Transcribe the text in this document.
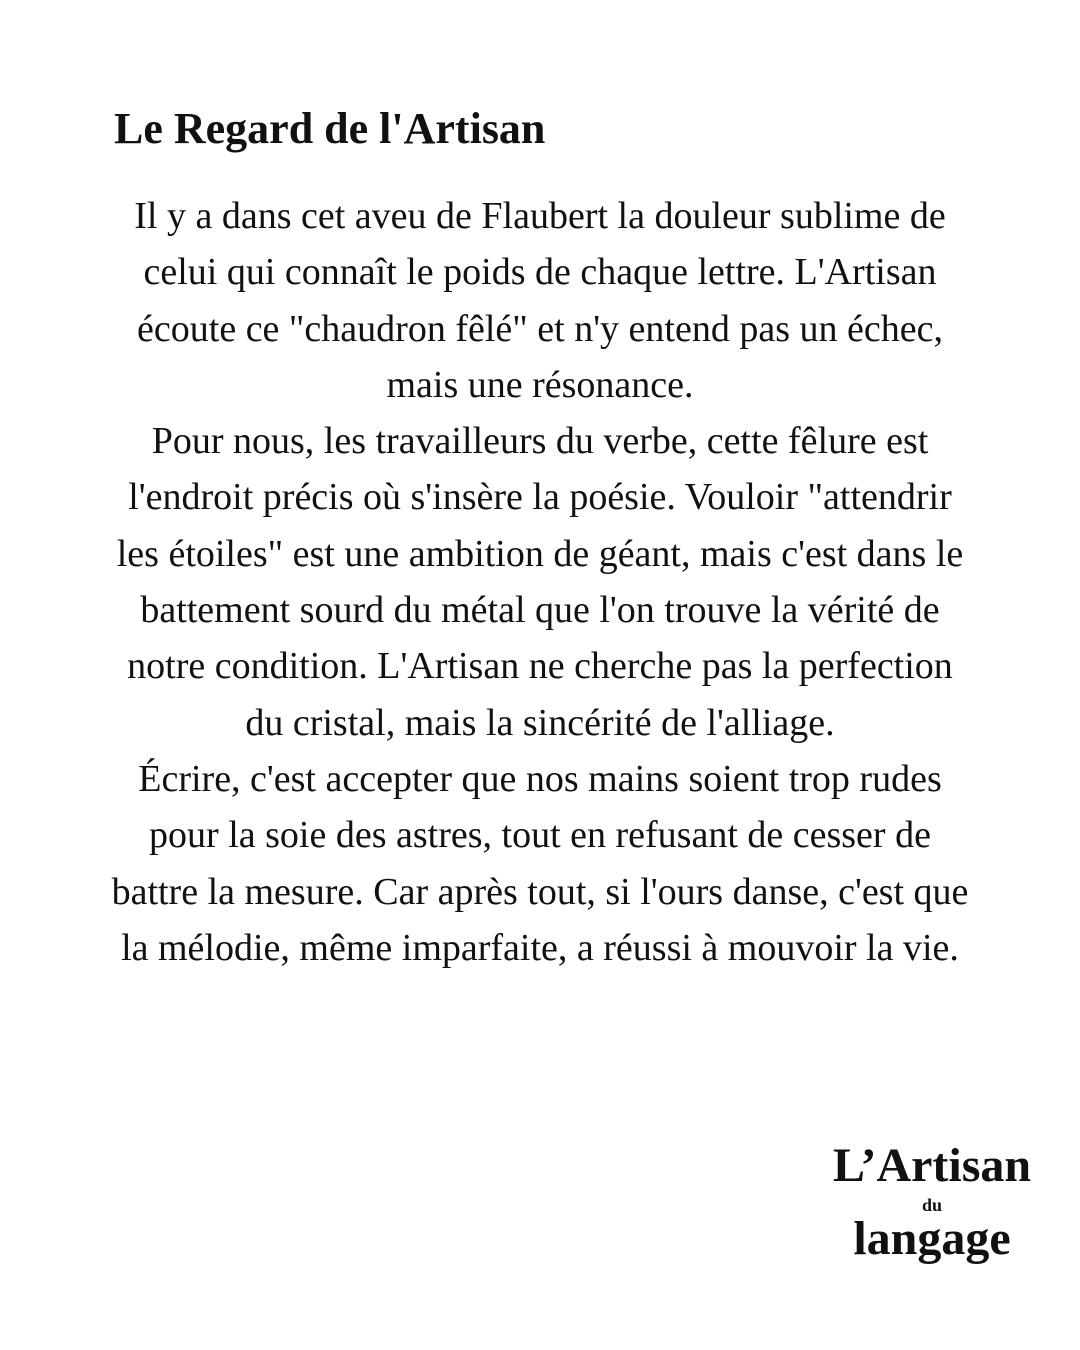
Le Regard de l'Artisan

Il y a dans cet aveu de Flaubert la douleur sublime de celui qui connaît le poids de chaque lettre. L'Artisan écoute ce "chaudron fêlé" et n'y entend pas un échec, mais une résonance.

Pour nous, les travailleurs du verbe, cette fêlure est l'endroit précis où s'insère la poésie. Vouloir "attendrir les étoiles" est une ambition de géant, mais c'est dans le battement sourd du métal que l'on trouve la vérité de notre condition. L'Artisan ne cherche pas la perfection du cristal, mais la sincérité de l'alliage.

Écrire, c'est accepter que nos mains soient trop rudes pour la soie des astres, tout en refusant de cesser de battre la mesure. Car après tout, si l'ours danse, c'est que la mélodie, même imparfaite, a réussi à mouvoir la vie.

L’Artisan
du
langage
